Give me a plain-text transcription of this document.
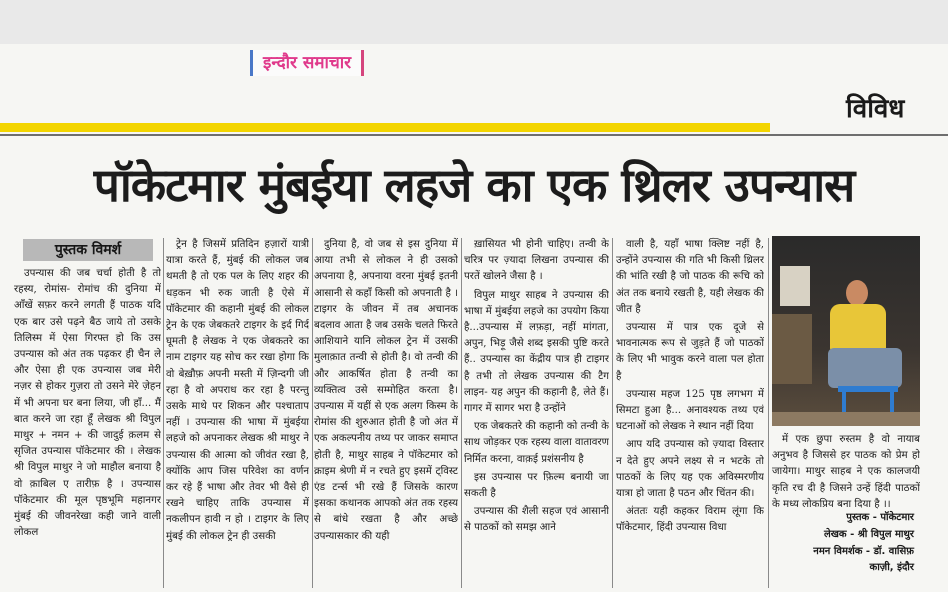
इन्दौर समाचार
विविध
पॉकेटमार मुंबईया लहजे का एक थ्रिलर उपन्यास
पुस्तक विमर्श

उपन्यास की जब चर्चा होती है तो रहस्य, रोमांस- रोमांच की दुनिया में आँखें सफ़र करने लगती हैं पाठक यदि एक बार उसे पढ़ने बैठ जाये तो उसके तिलिस्म में ऐसा गिरफ्त हो कि उस उपन्यास को अंत तक पढ़कर ही चैन ले और ऐसा ही एक उपन्यास जब मेरी नज़र से होकर गुज़रा तो उसने मेरे ज़ेहन में भी अपना घर बना लिया, जी हाँ... मैं बात करने जा रहा हूँ लेखक श्री विपुल माथुर + नमन + की जादुई क़लम से सृजित उपन्यास पॉकेटमार की । लेखक श्री विपुल माथुर ने जो माहौल बनाया है वो क़ाबिल ए तारीफ़ है । उपन्यास पॉकेटमार की मूल पृष्ठभूमि महानगर मुंबई की जीवनरेखा कही जाने वाली लोकल

ट्रेन है जिसमें प्रतिदिन हज़ारों यात्री यात्रा करते हैं, मुंबई की लोकल जब थमती है तो एक पल के लिए शहर की धड़कन भी रुक जाती है ऐसे में पॉकेटमार की कहानी मुंबई की लोकल ट्रेन के एक जेबकतरे टाइगर के इर्द गिर्द घूमती है लेखक ने एक जेबकतरे का नाम टाइगर यह सोच कर रखा होगा कि वो बेख़ौफ़ अपनी मस्ती में ज़िन्दगी जी रहा है वो अपराध कर रहा है परन्तु उसके माथे पर शिकन और पश्चाताप नहीं । उपन्यास की भाषा में मुंबईया लहजे को अपनाकर लेखक श्री माथुर ने उपन्यास की आत्मा को जीवंत रखा है, क्योंकि आप जिस परिवेश का वर्णन कर रहे हैं भाषा और तेवर भी वैसे ही रखने चाहिए ताकि उपन्यास में नकलीपन हावी न हो । टाइगर के लिए मुंबई की लोकल ट्रेन ही उसकी

दुनिया है, वो जब से इस दुनिया में आया तभी से लोकल ने ही उसको अपनाया है, अपनाया वरना मुंबई इतनी आसानी से कहाँ किसी को अपनाती है । टाइगर के जीवन में तब अचानक बदलाव आता है जब उसके चलते फिरते आशियाने यानि लोकल ट्रेन में उसकी मुलाक़ात तन्वी से होती है। वो तन्वी की और आकर्षित होता है तन्वी का व्यक्तित्व उसे सम्मोहित करता है। उपन्यास में यहीं से एक अलग किस्म के रोमांस की शुरुआत होती है जो अंत में एक अकल्पनीय तथ्य पर जाकर समाप्त होती है, माथुर साहब ने पॉकेटमार को क्राइम श्रेणी में न रचते हुए इसमें ट्विस्ट एंड टर्न्स भी रखे हैं जिसके कारण इसका कथानक आपको अंत तक रहस्य से बांधे रखता है और अच्छे उपन्यासकार की यही

ख़ासियत भी होनी चाहिए। तन्वी के चरित्र पर ज़्यादा लिखना उपन्यास की परतें खोलने जैसा है ।

विपुल माथुर साहब ने उपन्यास की भाषा में मुंबईया लहजे का उपयोग किया है...उपन्यास में लफ़ड़ा, नहीं मांगता, अपुन, भिड़ू जैसे शब्द इसकी पुष्टि करते हैं.. उपन्यास का केंद्रीय पात्र ही टाइगर है तभी तो लेखक उपन्यास की टैग लाइन- यह अपुन की कहानी है, लेते हैं। गागर में सागर भरा है उन्होंने

एक जेबकतरे की कहानी को तन्वी के साथ जोड़कर एक रहस्य वाला वातावरण निर्मित करना, वाक़ई प्रशंसनीय है

इस उपन्यास पर फ़िल्म बनायी जा सकती है

उपन्यास की शैली सहज एवं आसानी से पाठकों को समझ आने

वाली है, यहाँ भाषा क्लिष्ट नहीं है, उन्होंने उपन्यास की गति भी किसी थ्रिलर की भांति रखी है जो पाठक की रूचि को अंत तक बनाये रखती है, यही लेखक की जीत है

उपन्यास में पात्र एक दूजे से भावनात्मक रूप से जुड़ते हैं जो पाठकों के लिए भी भावुक करने वाला पल होता है

उपन्यास महज 125 पृष्ठ लगभग में सिमटा हुआ है... अनावश्यक तथ्य एवं घटनाओं को लेखक ने स्थान नहीं दिया

आप यदि उपन्यास को ज़्यादा विस्तार न देते हुए अपने लक्ष्य से न भटके तो पाठकों के लिए यह एक अविस्मरणीय यात्रा हो जाता है पठन और चिंतन की।

अंततः यही कहकर विराम लूंगा कि पॉकेटमार, हिंदी उपन्यास विधा

में एक छुपा रुस्तम है वो नायाब अनुभव है जिससे हर पाठक को प्रेम हो जायेगा। माथुर साहब ने एक कालजयी कृति रच दी है जिसने उन्हें हिंदी पाठकों के मध्य लोकप्रिय बना दिया है ।।

पुस्तक - पॉकेटमार
लेखक - श्री विपुल माथुर
नमन विमर्शक - डॉ. वासिफ़
काज़ी, इंदौर
